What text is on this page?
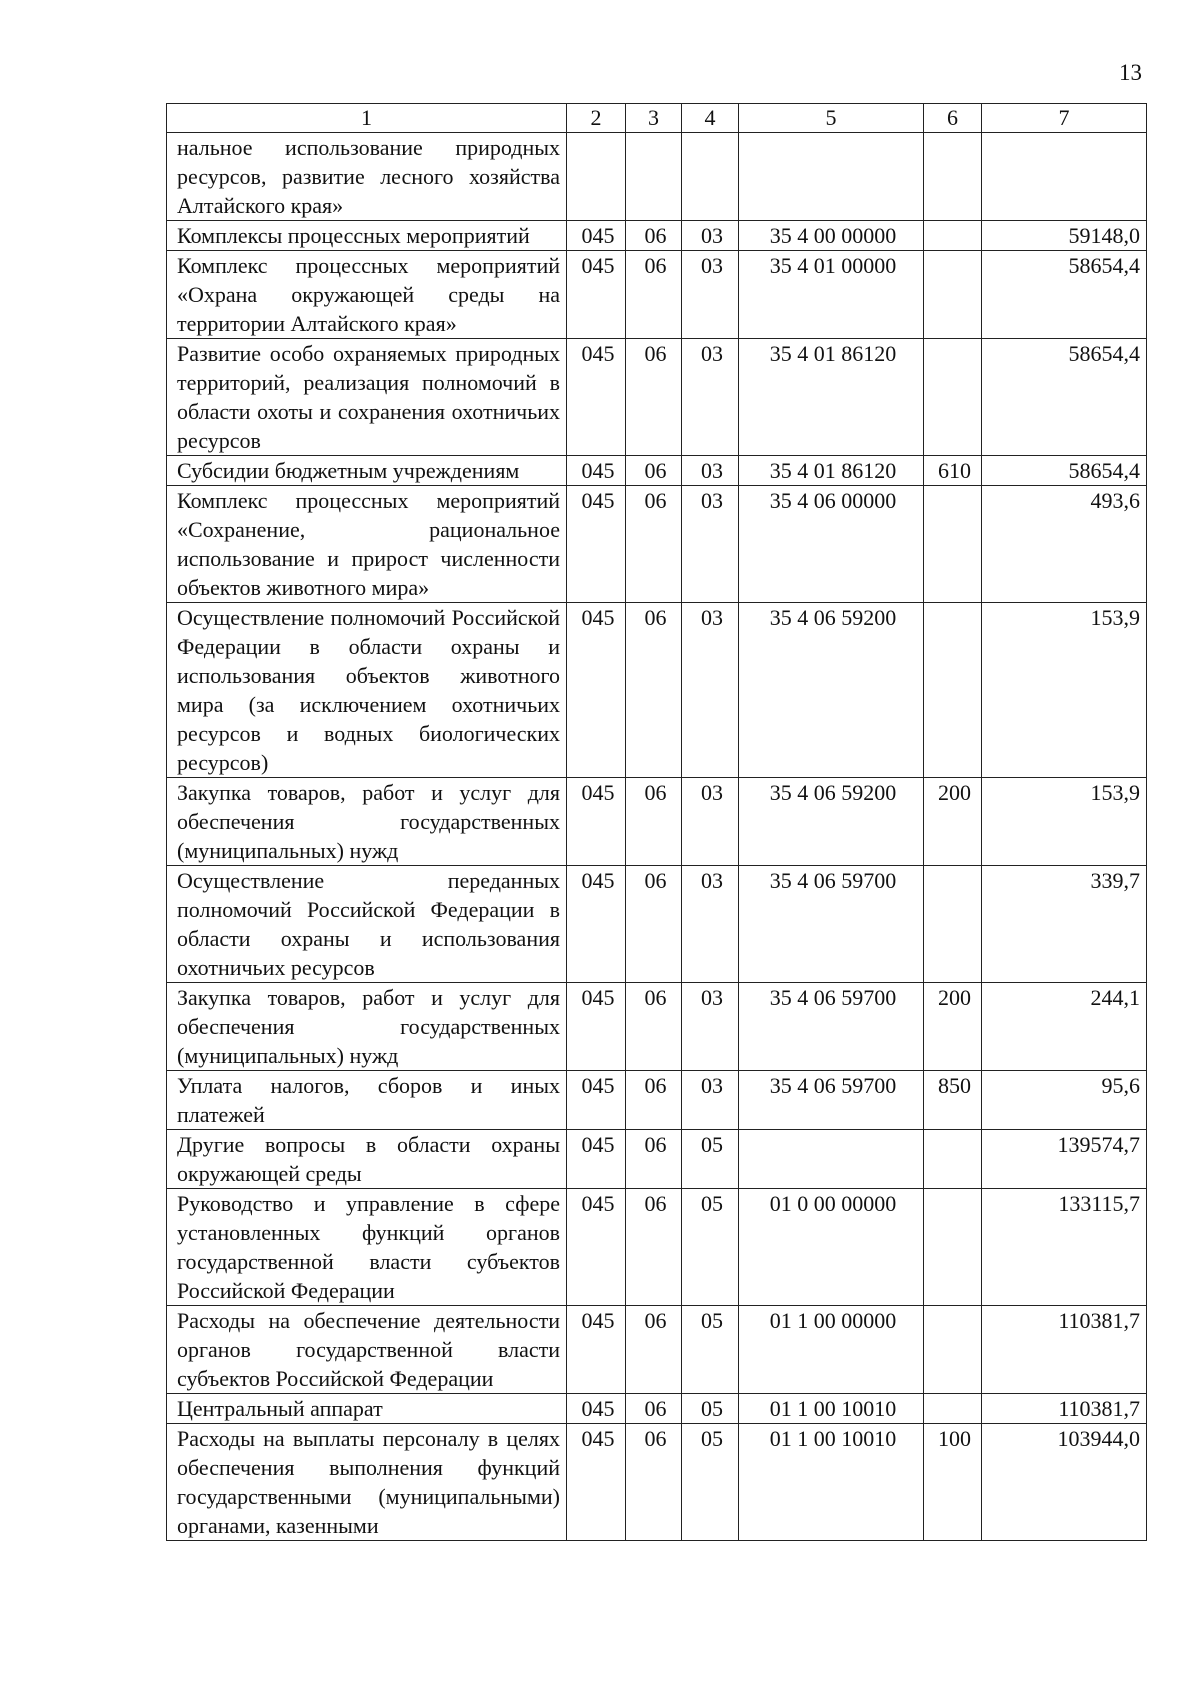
13
1	2	3	4	5	6	7
нальное использование природных ресурсов, развитие лесного хозяйства Алтайского края»						
Комплексы процессных мероприятий	045	06	03	35 4 00 00000		59148,0
Комплекс процессных мероприятий «Охрана окружающей среды на территории Алтайского края»	045	06	03	35 4 01 00000		58654,4
Развитие особо охраняемых природных территорий, реализация полномочий в области охоты и сохранения охотничьих ресурсов	045	06	03	35 4 01 86120		58654,4
Субсидии бюджетным учреждениям	045	06	03	35 4 01 86120	610	58654,4
Комплекс процессных мероприятий «Сохранение, рациональное использование и прирост численности объектов животного мира»	045	06	03	35 4 06 00000		493,6
Осуществление полномочий Российской Федерации в области охраны и использования объектов животного мира (за исключением охотничьих ресурсов и водных биологических ресурсов)	045	06	03	35 4 06 59200		153,9
Закупка товаров, работ и услуг для обеспечения государственных (муниципальных) нужд	045	06	03	35 4 06 59200	200	153,9
Осуществление переданных полномочий Российской Федерации в области охраны и использования охотничьих ресурсов	045	06	03	35 4 06 59700		339,7
Закупка товаров, работ и услуг для обеспечения государственных (муниципальных) нужд	045	06	03	35 4 06 59700	200	244,1
Уплата налогов, сборов и иных платежей	045	06	03	35 4 06 59700	850	95,6
Другие вопросы в области охраны окружающей среды	045	06	05			139574,7
Руководство и управление в сфере установленных функций органов государственной власти субъектов Российской Федерации	045	06	05	01 0 00 00000		133115,7
Расходы на обеспечение деятельности органов государственной власти субъектов Российской Федерации	045	06	05	01 1 00 00000		110381,7
Центральный аппарат	045	06	05	01 1 00 10010		110381,7
Расходы на выплаты персоналу в целях обеспечения выполнения функций государственными (муниципальными) органами, казенными	045	06	05	01 1 00 10010	100	103944,0
